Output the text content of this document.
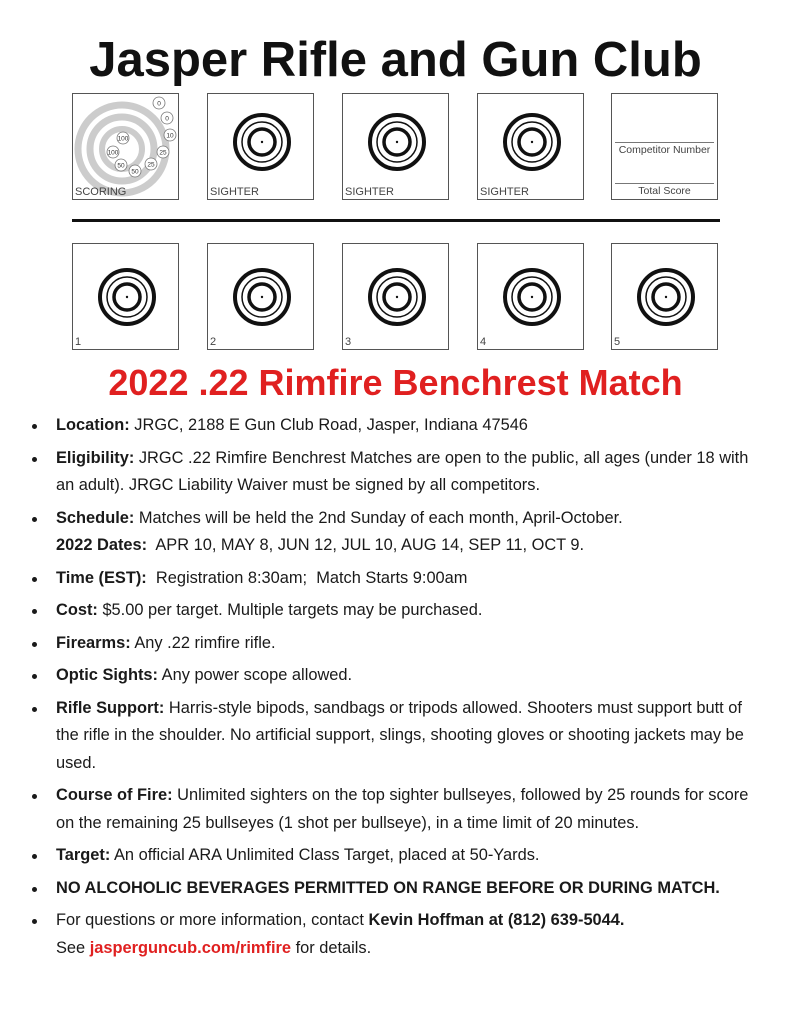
Jasper Rifle and Gun Club
0
0
10
25
50
100
100
25
50
SCORING	SIGHTER	SIGHTER	SIGHTER
Competitor Number
Total Score
1	2	3	4	5
2022 .22 Rimfire Benchrest Match
Location: JRGC, 2188 E Gun Club Road, Jasper, Indiana 47546
Eligibility: JRGC .22 Rimfire Benchrest Matches are open to the public, all ages (under 18 with an adult). JRGC Liability Waiver must be signed by all competitors.
Schedule: Matches will be held the 2nd Sunday of each month, April-October.
2022 Dates:  APR 10, MAY 8, JUN 12, JUL 10, AUG 14, SEP 11, OCT 9.
Time (EST):  Registration 8:30am;  Match Starts 9:00am
Cost: $5.00 per target. Multiple targets may be purchased.
Firearms: Any .22 rimfire rifle.
Optic Sights: Any power scope allowed.
Rifle Support: Harris-style bipods, sandbags or tripods allowed. Shooters must support butt of the rifle in the shoulder. No artificial support, slings, shooting gloves or shooting jackets may be used.
Course of Fire: Unlimited sighters on the top sighter bullseyes, followed by 25 rounds for score on the remaining 25 bullseyes (1 shot per bullseye), in a time limit of 20 minutes.
Target: An official ARA Unlimited Class Target, placed at 50-Yards.
NO ALCOHOLIC BEVERAGES PERMITTED ON RANGE BEFORE OR DURING MATCH.
For questions or more information, contact Kevin Hoffman at (812) 639-5044.
See jasperguncub.com/rimfire for details.
